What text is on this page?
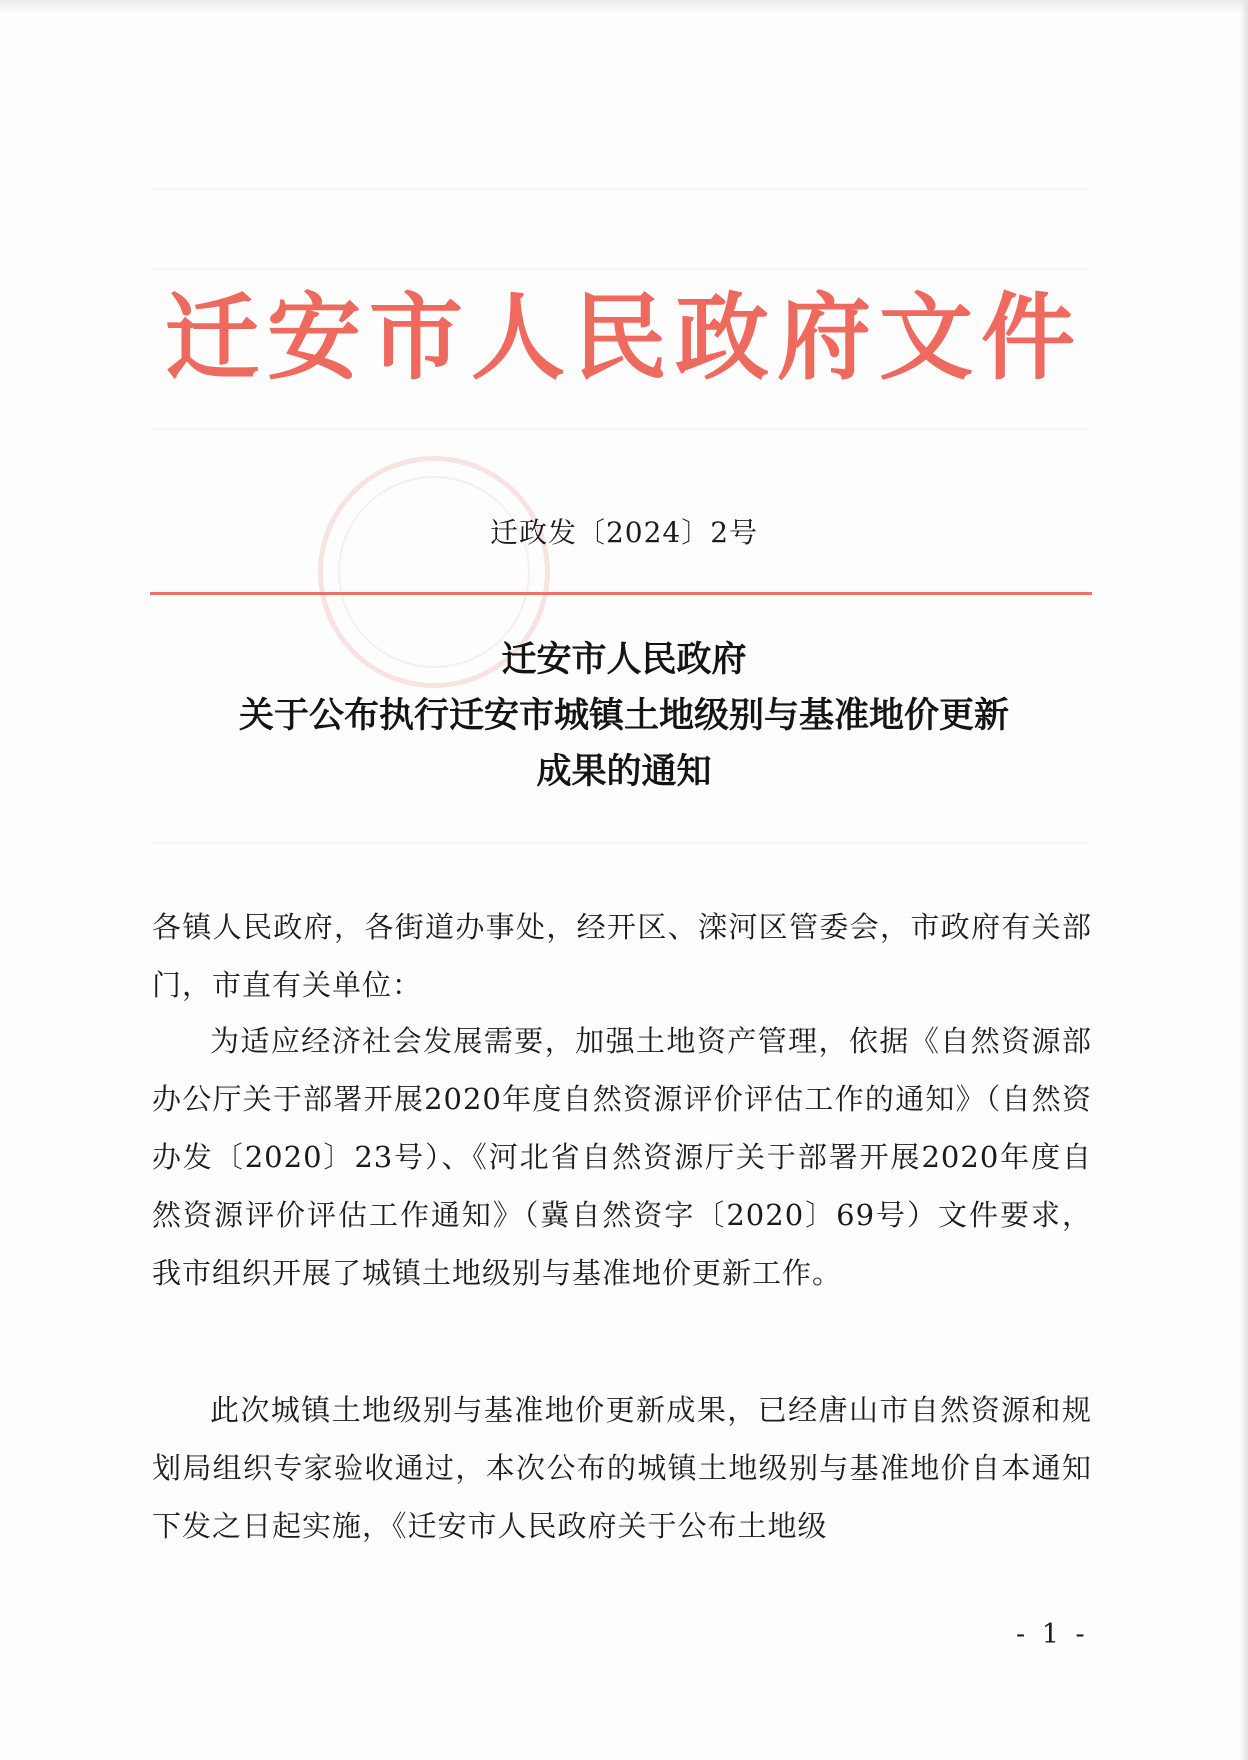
迁安市人民政府文件
迁政发〔2024〕2号
迁安市人民政府
关于公布执行迁安市城镇土地级别与基准地价更新
成果的通知

各镇人民政府，各街道办事处，经开区、滦河区管委会，市政府有关部门，市直有关单位：

为适应经济社会发展需要，加强土地资产管理，依据《自然资源部办公厅关于部署开展2020年度自然资源评价评估工作的通知》（自然资办发〔2020〕23号）、《河北省自然资源厅关于部署开展2020年度自然资源评价评估工作通知》（冀自然资字〔2020〕69号）文件要求，我市组织开展了城镇土地级别与基准地价更新工作。

此次城镇土地级别与基准地价更新成果，已经唐山市自然资源和规划局组织专家验收通过，本次公布的城镇土地级别与基准地价自本通知下发之日起实施，《迁安市人民政府关于公布土地级

- 1 -
